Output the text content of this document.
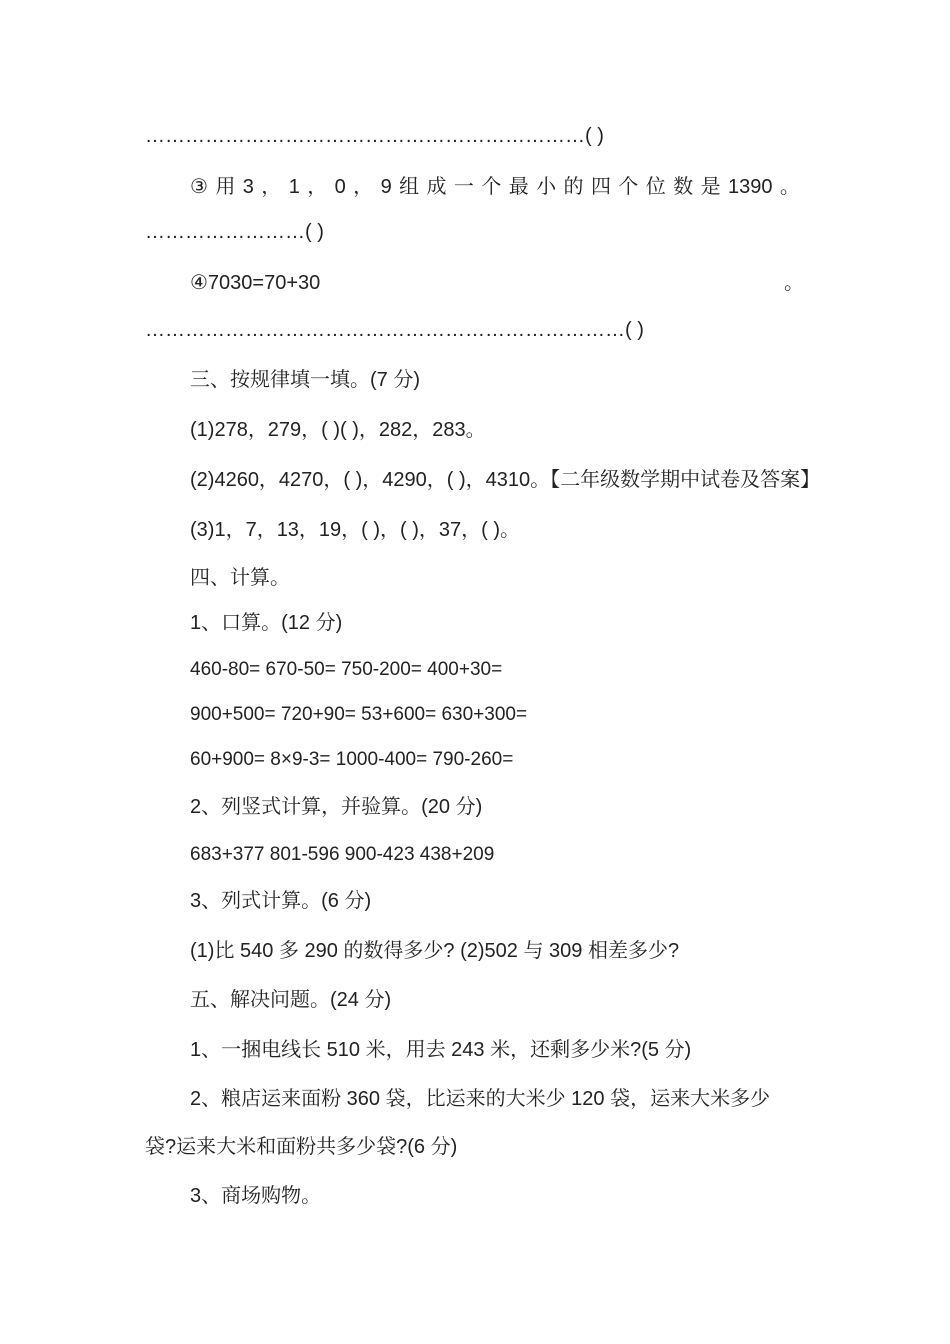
…………………………………………………………( )
③ 用 3 ， 1 ， 0 ， 9 组 成 一 个 最 小 的 四 个 位 数 是 1390 。
……………………( )
④7030=70+30	。
………………………………………………………………( )
三、按规律填一填。(7 分)
(1)278，279，( )( )，282，283。
(2)4260，4270，( )，4290，( )，4310。【二年级数学期中试卷及答案】
(3)1，7，13，19，( )，( )，37，( )。
四、计算。
1、口算。(12 分)
460-80= 670-50= 750-200= 400+30=
900+500= 720+90= 53+600= 630+300=
60+900= 8×9-3= 1000-400= 790-260=
2、列竖式计算，并验算。(20 分)
683+377 801-596 900-423 438+209
3、列式计算。(6 分)
(1)比 540 多 290 的数得多少? (2)502 与 309 相差多少?
五、解决问题。(24 分)
1、一捆电线长 510 米，用去 243 米，还剩多少米?(5 分)
2、粮店运来面粉 360 袋，比运来的大米少 120 袋，运来大米多少
袋?运来大米和面粉共多少袋?(6 分)
3、商场购物。
